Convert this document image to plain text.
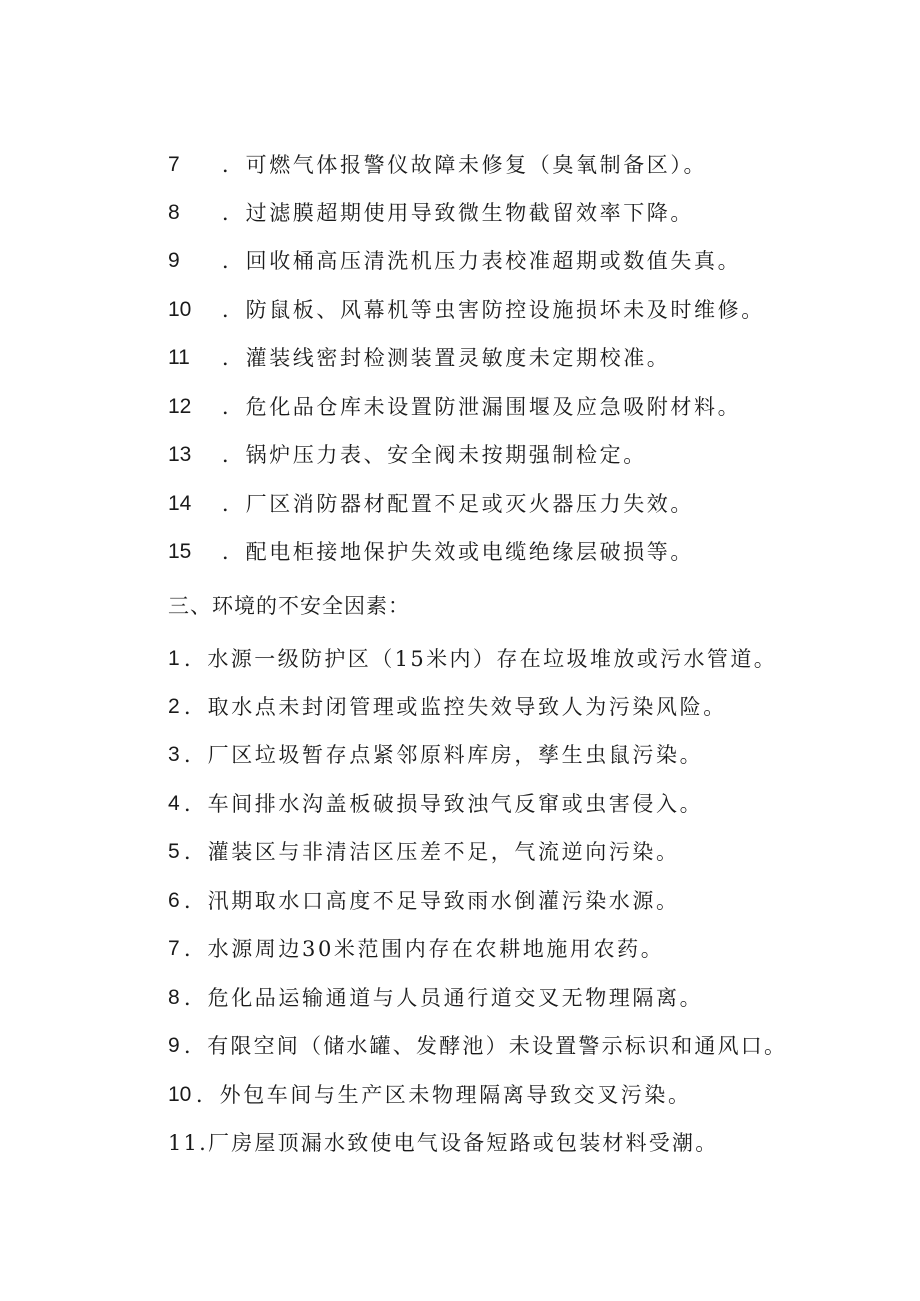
7 ．可燃气体报警仪故障未修复（臭氧制备区）。
8 ．过滤膜超期使用导致微生物截留效率下降。
9 ．回收桶高压清洗机压力表校准超期或数值失真。
10 ．防鼠板、风幕机等虫害防控设施损坏未及时维修。
11 ．灌装线密封检测装置灵敏度未定期校准。
12 ．危化品仓库未设置防泄漏围堰及应急吸附材料。
13 ．锅炉压力表、安全阀未按期强制检定。
14 ．厂区消防器材配置不足或灭火器压力失效。
15 ．配电柜接地保护失效或电缆绝缘层破损等。
三、环境的不安全因素：
1 ．水源一级防护区（15米内）存在垃圾堆放或污水管道。
2 ．取水点未封闭管理或监控失效导致人为污染风险。
3 ．厂区垃圾暂存点紧邻原料库房，孳生虫鼠污染。
4 ．车间排水沟盖板破损导致浊气反窜或虫害侵入。
5 ．灌装区与非清洁区压差不足，气流逆向污染。
6 ．汛期取水口高度不足导致雨水倒灌污染水源。
7 ．水源周边30米范围内存在农耕地施用农药。
8 ．危化品运输通道与人员通行道交叉无物理隔离。
9 ．有限空间（储水罐、发酵池）未设置警示标识和通风口。
10 ．外包车间与生产区未物理隔离导致交叉污染。
11.厂房屋顶漏水致使电气设备短路或包装材料受潮。
